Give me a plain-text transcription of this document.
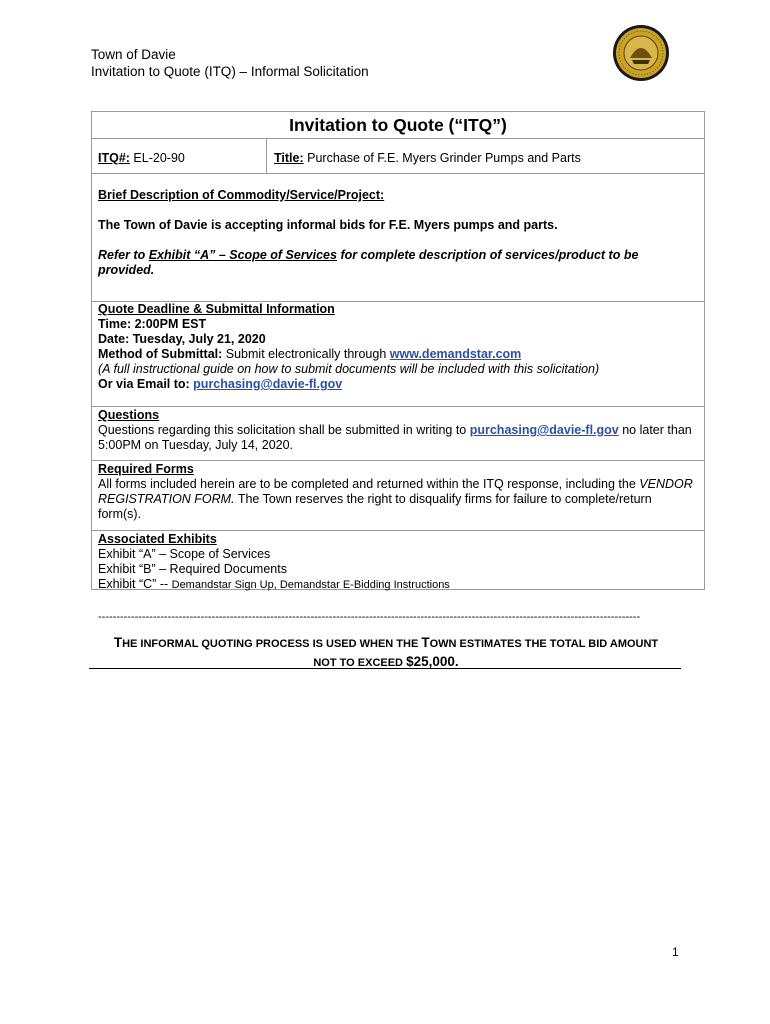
Town of Davie
Invitation to Quote (ITQ) – Informal Solicitation
Invitation to Quote (“ITQ”)
ITQ#: EL-20-90	Title: Purchase of F.E. Myers Grinder Pumps and Parts

Brief Description of Commodity/Service/Project:

The Town of Davie is accepting informal bids for F.E. Myers pumps and parts.

Refer to Exhibit “A” – Scope of Services for complete description of services/product to be provided.

Quote Deadline & Submittal Information
Time: 2:00PM EST
Date: Tuesday, July 21, 2020
Method of Submittal: Submit electronically through www.demandstar.com
(A full instructional guide on how to submit documents will be included with this solicitation)
Or via Email to: purchasing@davie-fl.gov
Questions
Questions regarding this solicitation shall be submitted in writing to purchasing@davie-fl.gov no later than 5:00PM on Tuesday, July 14, 2020.
Required Forms
All forms included herein are to be completed and returned within the ITQ response, including the VENDOR REGISTRATION FORM. The Town reserves the right to disqualify firms for failure to complete/return form(s).
Associated Exhibits
Exhibit “A” – Scope of Services
Exhibit “B” – Required Documents
Exhibit “C” -- Demandstar Sign Up, Demandstar E-Bidding Instructions
----------------------------------------------------------------------------------------------------------------------------------------------------
THE INFORMAL QUOTING PROCESS IS USED WHEN THE TOWN ESTIMATES THE TOTAL BID AMOUNT
NOT TO EXCEED $25,000.
1
